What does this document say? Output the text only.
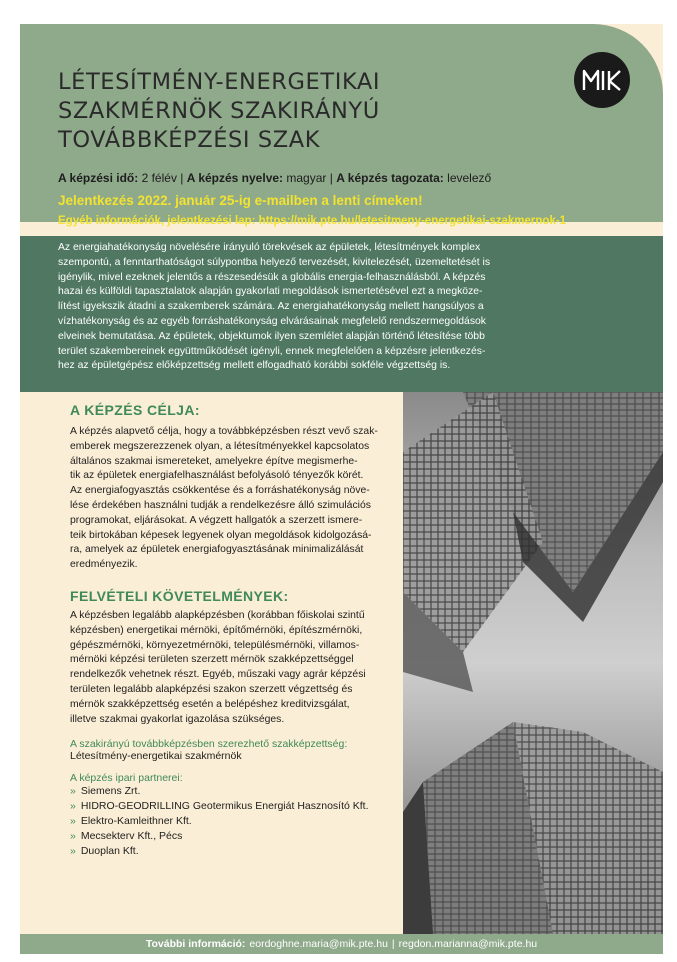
LÉTESÍTMÉNY-ENERGETIKAI
SZAKMÉRNÖK SZAKIRÁNYÚ
TOVÁBBKÉPZÉSI SZAK
A képzési idő: 2 félév | A képzés nyelve: magyar | A képzés tagozata: levelező
Jelentkezés 2022. január 25-ig e-mailben a lenti címeken!
Egyéb információk, jelentkezési lap: https://mik.pte.hu/letesitmeny-energetikai-szakmernok-1
Az energiahatékonyság növelésére irányuló törekvések az épületek, létesítmények komplex
szempontú, a fenntarthatóságot súlypontba helyező tervezését, kivitelezését, üzemeltetését is
igénylik, mivel ezeknek jelentős a részesedésük a globális energia-felhasználásból. A képzés
hazai és külföldi tapasztalatok alapján gyakorlati megoldások ismertetésével ezt a megköze-
lítést igyekszik átadni a szakemberek számára. Az energiahatékonyság mellett hangsúlyos a
vízhatékonyság és az egyéb forráshatékonyság elvárásainak megfelelő rendszermegoldások
elveinek bemutatása. Az épületek, objektumok ilyen szemlélet alapján történő létesítése több
terület szakembereinek együttműködését igényli, ennek megfelelően a képzésre jelentkezés-
hez az épületgépész előképzettség mellett elfogadható korábbi sokféle végzettség is.
A KÉPZÉS CÉLJA:
A képzés alapvető célja, hogy a továbbképzésben részt vevő szak-
emberek megszerezzenek olyan, a létesítményekkel kapcsolatos
általános szakmai ismereteket, amelyekre építve megismerhe-
tik az épületek energiafelhasználást befolyásoló tényezők körét.
Az energiafogyasztás csökkentése és a forráshatékonyság növe-
lése érdekében használni tudják a rendelkezésre álló szimulációs
programokat, eljárásokat. A végzett hallgatók a szerzett ismere-
teik birtokában képesek legyenek olyan megoldások kidolgozásá-
ra, amelyek az épületek energiafogyasztásának minimalizálását
eredményezik.
FELVÉTELI KÖVETELMÉNYEK:
A képzésben legalább alapképzésben (korábban főiskolai szintű
képzésben) energetikai mérnöki, építőmérnöki, építészmérnöki,
gépészmérnöki, környezetmérnöki, településmérnöki, villamos-
mérnöki képzési területen szerzett mérnök szakképzettséggel
rendelkezők vehetnek részt. Egyéb, műszaki vagy agrár képzési
területen legalább alapképzési szakon szerzett végzettség és
mérnök szakképzettség esetén a belépéshez kreditvizsgálat,
illetve szakmai gyakorlat igazolása szükséges.
A szakirányú továbbképzésben szerezhető szakképzettség:
Létesítmény-energetikai szakmérnök
A képzés ipari partnerei:
» Siemens Zrt.
» HIDRO-GEODRILLING Geotermikus Energiát Hasznosító Kft.
» Elektro-Kamleithner Kft.
» Mecsekterv Kft., Pécs
» Duoplan Kft.
További információ: eordoghne.maria@mik.pte.hu | regdon.marianna@mik.pte.hu
